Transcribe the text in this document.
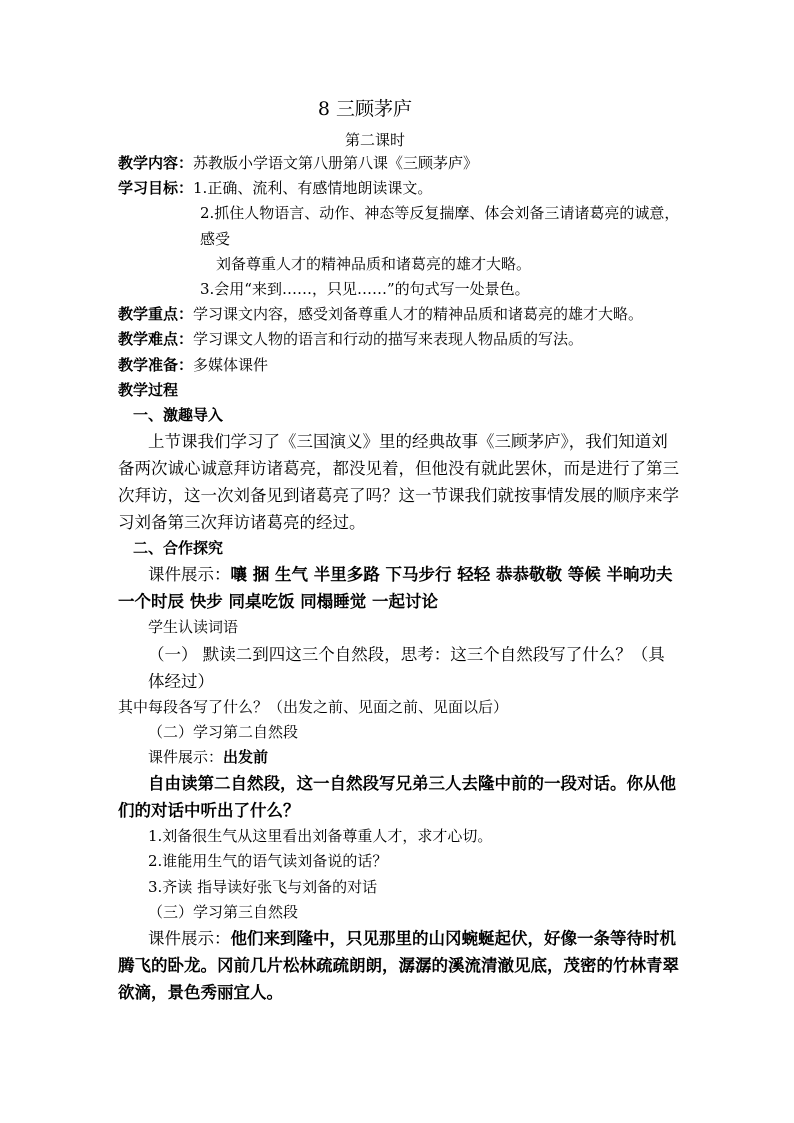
8 三顾茅庐
第二课时

教学内容：苏教版小学语文第八册第八课《三顾茅庐》

学习目标：1.正确、流利、有感情地朗读课文。

2.抓住人物语言、动作、神态等反复揣摩、体会刘备三请诸葛亮的诚意，感受

刘备尊重人才的精神品质和诸葛亮的雄才大略。

3.会用“来到……，只见……”的句式写一处景色。

教学重点：学习课文内容，感受刘备尊重人才的精神品质和诸葛亮的雄才大略。

教学难点：学习课文人物的语言和行动的描写来表现人物品质的写法。

教学准备：多媒体课件

教学过程

一、激趣导入

上节课我们学习了《三国演义》里的经典故事《三顾茅庐》，我们知道刘备两次诚心诚意拜访诸葛亮，都没见着，但他没有就此罢休，而是进行了第三次拜访，这一次刘备见到诸葛亮了吗？这一节课我们就按事情发展的顺序来学习刘备第三次拜访诸葛亮的经过。

二、合作探究

课件展示：嚷 捆 生气 半里多路 下马步行 轻轻 恭恭敬敬 等候 半晌功夫 一个时辰 快步 同桌吃饭 同榻睡觉 一起讨论

学生认读词语

（一） 默读二到四这三个自然段，思考：这三个自然段写了什么？（具体经过）

其中每段各写了什么？（出发之前、见面之前、见面以后）

（二）学习第二自然段

课件展示：出发前

自由读第二自然段，这一自然段写兄弟三人去隆中前的一段对话。你从他们的对话中听出了什么？

1.刘备很生气从这里看出刘备尊重人才，求才心切。

2.谁能用生气的语气读刘备说的话？

3.齐读 指导读好张飞与刘备的对话

（三）学习第三自然段

课件展示：他们来到隆中，只见那里的山冈蜿蜒起伏，好像一条等待时机腾飞的卧龙。冈前几片松林疏疏朗朗，潺潺的溪流清澈见底，茂密的竹林青翠欲滴，景色秀丽宜人。
